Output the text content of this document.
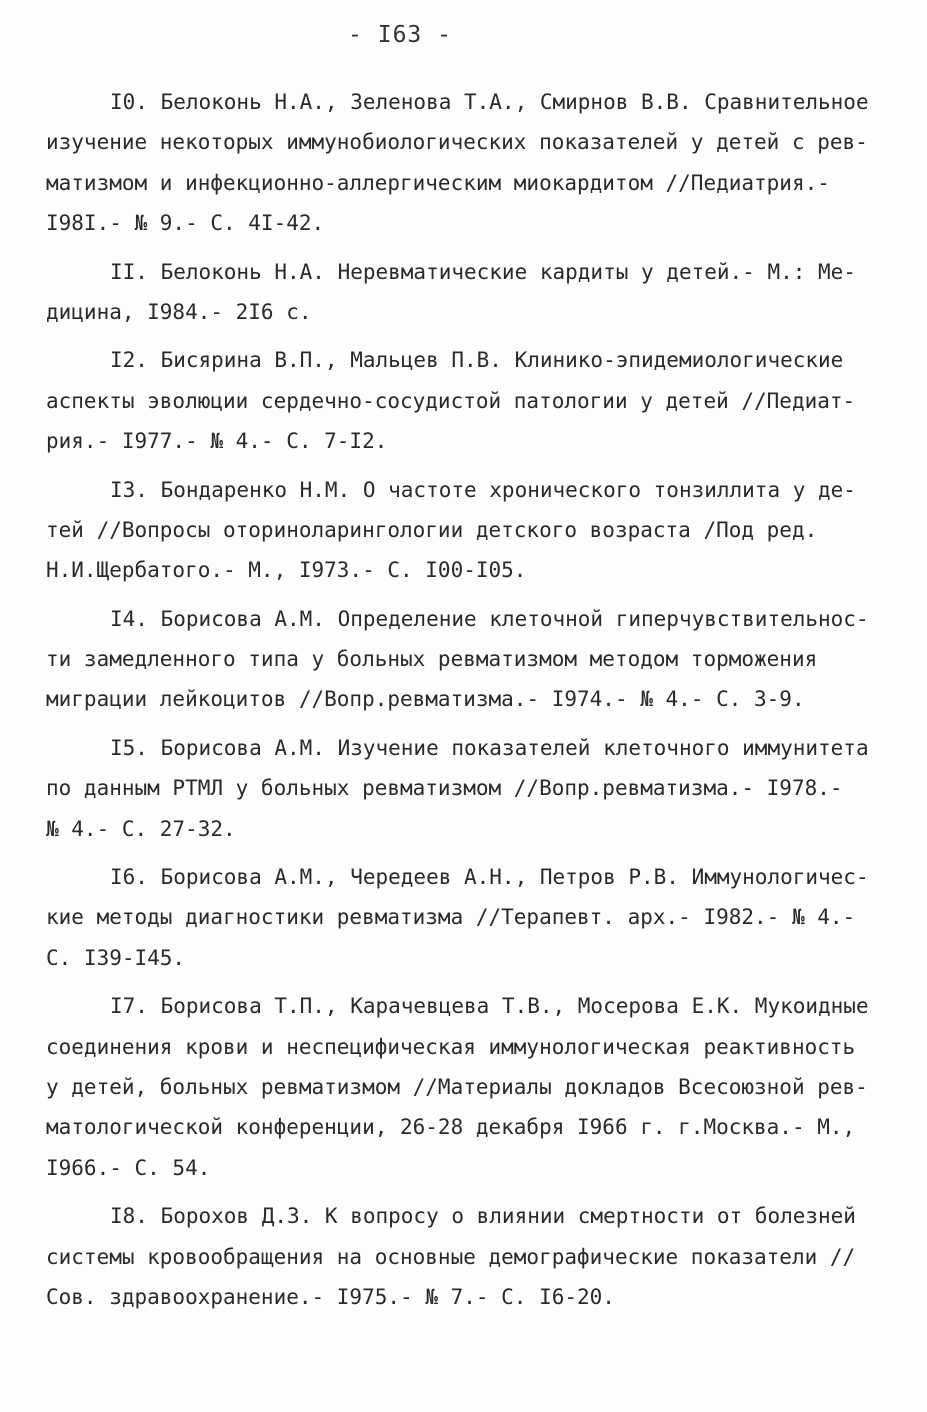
- I63 -
I0. Белоконь Н.А., Зеленова Т.А., Смирнов В.В. Сравнительное
изучение некоторых иммунобиологических показателей у детей с рев-
матизмом и инфекционно-аллергическим миокардитом //Педиатрия.-
I98I.- № 9.- С. 4I-42.
II. Белоконь Н.А. Неревматические кардиты у детей.- М.: Ме-
дицина, I984.- 2I6 с.
I2. Бисярина В.П., Мальцев П.В. Клинико-эпидемиологические
аспекты эволюции сердечно-сосудистой патологии у детей //Педиат-
рия.- I977.- № 4.- С. 7-I2.
I3. Бондаренко Н.М. О частоте хронического тонзиллита у де-
тей //Вопросы оториноларингологии детского возраста /Под ред.
Н.И.Щербатого.- М., I973.- С. I00-I05.
I4. Борисова А.М. Определение клеточной гиперчувствительнос-
ти замедленного типа у больных ревматизмом методом торможения
миграции лейкоцитов //Вопр.ревматизма.- I974.- № 4.- С. 3-9.
I5. Борисова А.М. Изучение показателей клеточного иммунитета
по данным РТМЛ у больных ревматизмом //Вопр.ревматизма.- I978.-
№ 4.- С. 27-32.
I6. Борисова А.М., Чередеев А.Н., Петров Р.В. Иммунологичес-
кие методы диагностики ревматизма //Терапевт. арх.- I982.- № 4.-
С. I39-I45.
I7. Борисова Т.П., Карачевцева Т.В., Мосерова Е.К. Мукоидные
соединения крови и неспецифическая иммунологическая реактивность
у детей, больных ревматизмом //Материалы докладов Всесоюзной рев-
матологической конференции, 26-28 декабря I966 г. г.Москва.- М.,
I966.- С. 54.
I8. Борохов Д.З. К вопросу о влиянии смертности от болезней
системы кровообращения на основные демографические показатели //
Сов. здравоохранение.- I975.- № 7.- С. I6-20.
